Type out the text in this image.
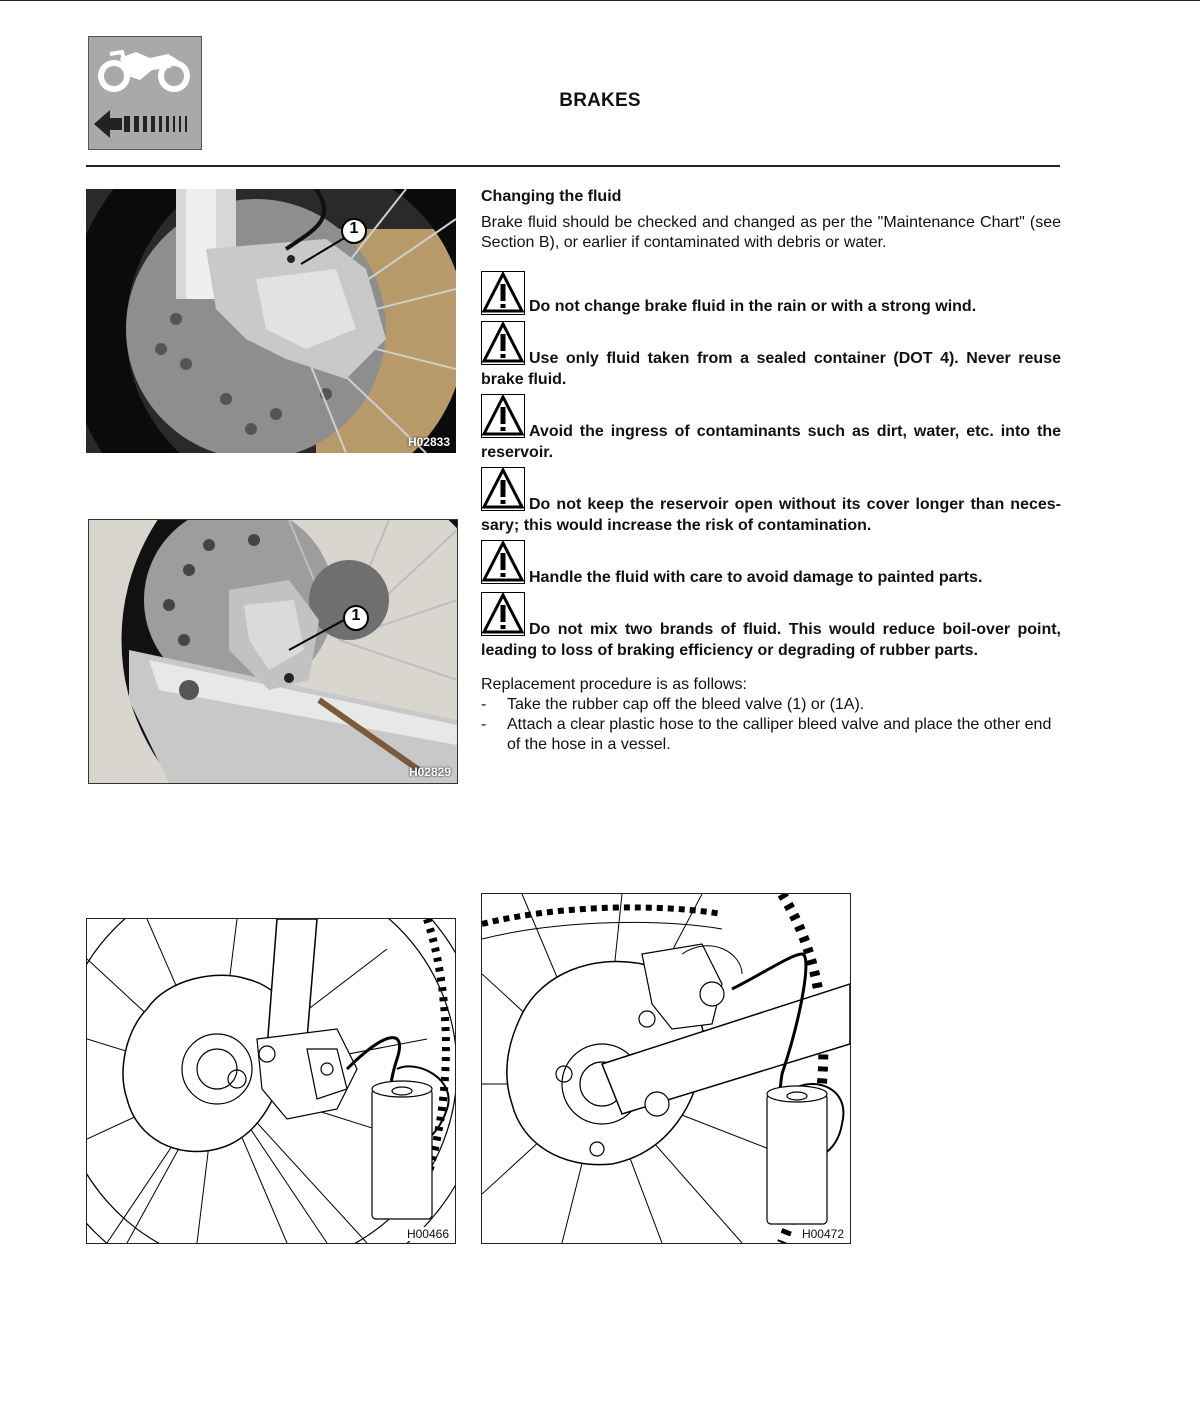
BRAKES
1
H02833
1
H02829
Changing the fluid

Brake fluid should be checked and changed as per the "Maintenance Chart" (see Section B), or earlier if contaminated with debris or water.

Do not change brake fluid in the rain or with a strong wind.
Use only fluid taken from a sealed container (DOT 4). Never reuse brake fluid.
Avoid the ingress of contaminants such as dirt, water, etc. into the reservoir.
Do not keep the reservoir open without its cover longer than neces-sary; this would increase the risk of contamination.
Handle the fluid with care to avoid damage to painted parts.
Do not mix two brands of fluid. This would reduce boil-over point, leading to loss of braking efficiency or degrading of rubber parts.

Replacement procedure is as follows:

- Take the rubber cap off the bleed valve (1) or (1A).
- Attach a clear plastic hose to the calliper bleed valve and place the other end of the hose in a vessel.
H00466	H00472
